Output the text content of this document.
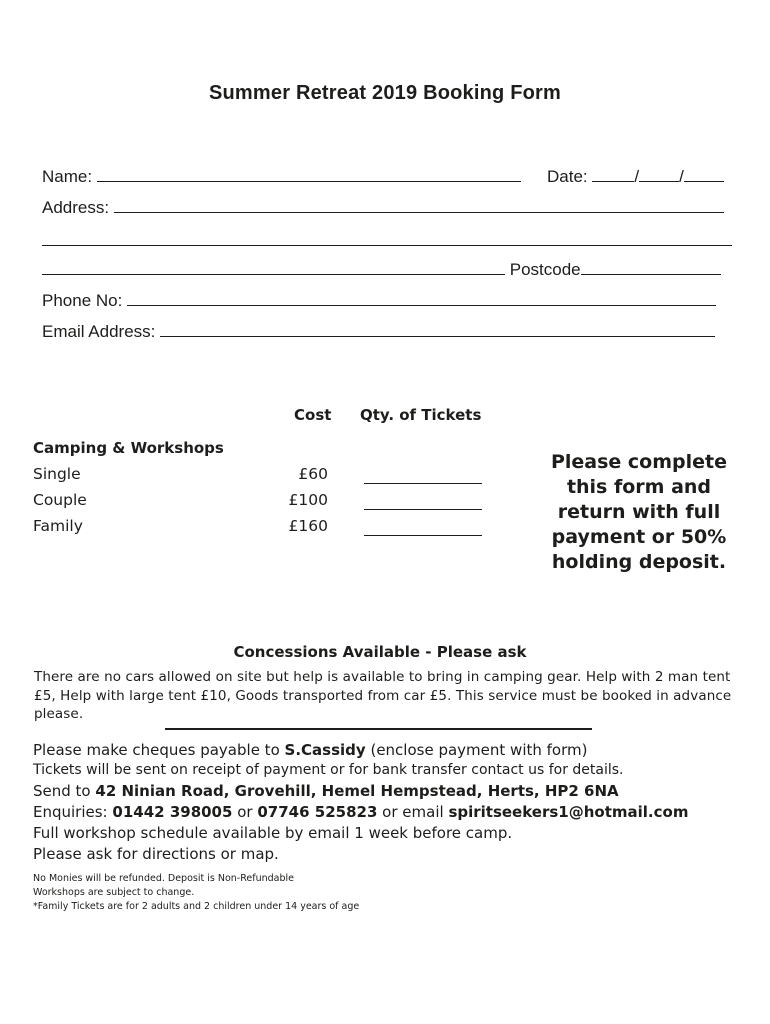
Summer Retreat 2019 Booking Form
Name:	Date:	/ /
Address:
Postcode
Phone No:
Email Address:
Cost Qty. of Tickets
Camping & Workshops
Single	£60
Couple	£100
Family	£160
Please complete this form and return with full payment or 50% holding deposit.
Concessions Available - Please ask
There are no cars allowed on site but help is available to bring in camping gear. Help with 2 man tent £5, Help with large tent £10, Goods transported from car £5. This service must be booked in advance please.
Please make cheques payable to S.Cassidy (enclose payment with form)
Tickets will be sent on receipt of payment or for bank transfer contact us for details.
Send to 42 Ninian Road, Grovehill, Hemel Hempstead, Herts, HP2 6NA
Enquiries: 01442 398005 or 07746 525823 or email spiritseekers1@hotmail.com
Full workshop schedule available by email 1 week before camp.
Please ask for directions or map.
No Monies will be refunded. Deposit is Non-Refundable
Workshops are subject to change.
*Family Tickets are for 2 adults and 2 children under 14 years of age
